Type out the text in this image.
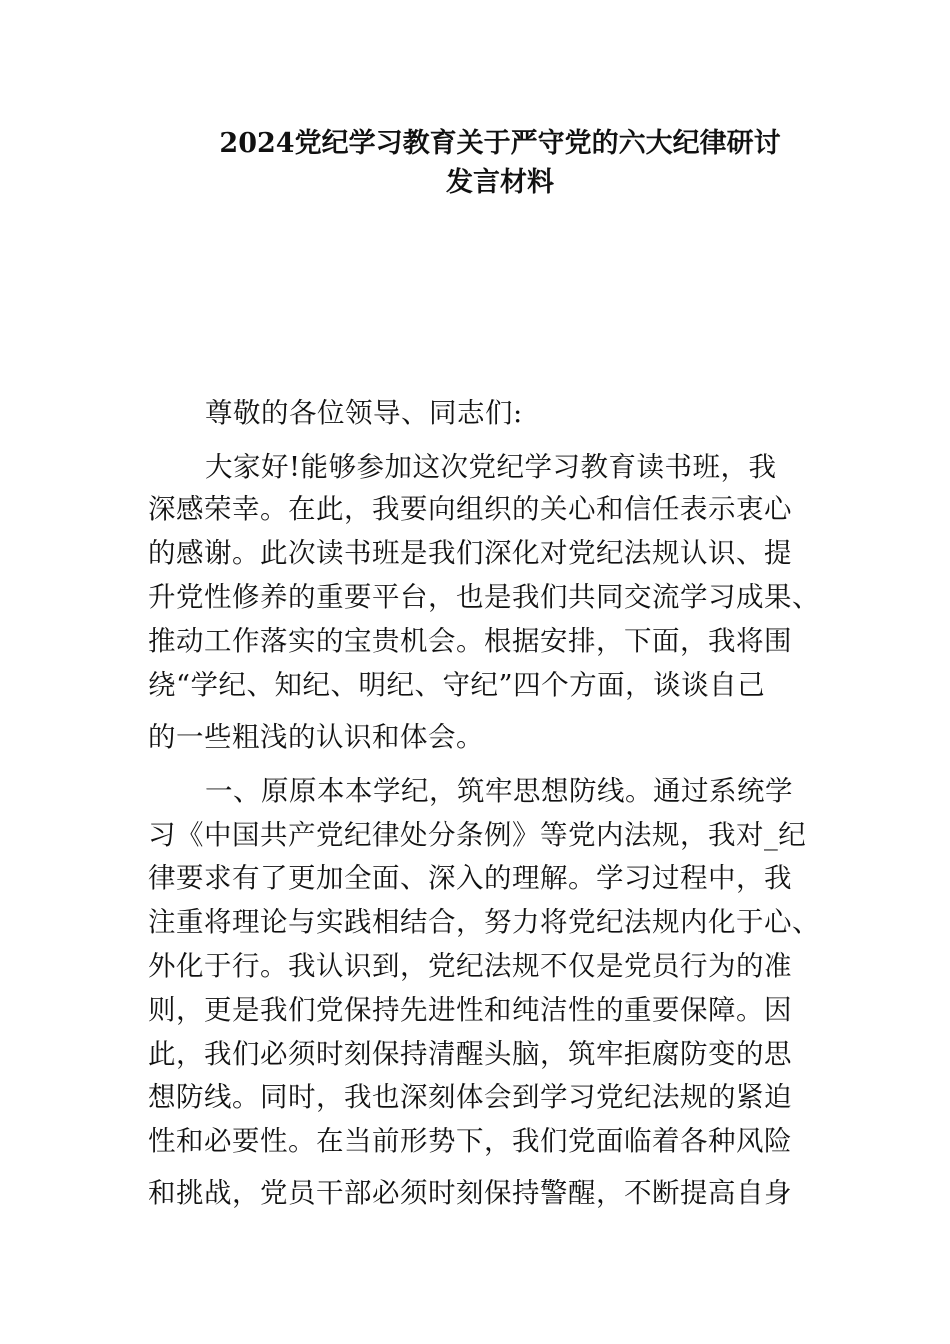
2024党纪学习教育关于严守党的六大纪律研讨
发言材料
尊敬的各位领导、同志们:
大家好!能够参加这次党纪学习教育读书班，我
深感荣幸。在此，我要向组织的关心和信任表示衷心
的感谢。此次读书班是我们深化对党纪法规认识、提
升党性修养的重要平台，也是我们共同交流学习成果、
推动工作落实的宝贵机会。根据安排，下面，我将围
绕“学纪、知纪、明纪、守纪”四个方面，谈谈自己
的一些粗浅的认识和体会。
一、原原本本学纪，筑牢思想防线。通过系统学
习《中国共产党纪律处分条例》等党内法规，我对_纪
律要求有了更加全面、深入的理解。学习过程中，我
注重将理论与实践相结合，努力将党纪法规内化于心、
外化于行。我认识到，党纪法规不仅是党员行为的准
则，更是我们党保持先进性和纯洁性的重要保障。因
此，我们必须时刻保持清醒头脑，筑牢拒腐防变的思
想防线。同时，我也深刻体会到学习党纪法规的紧迫
性和必要性。在当前形势下，我们党面临着各种风险
和挑战，党员干部必须时刻保持警醒，不断提高自身
